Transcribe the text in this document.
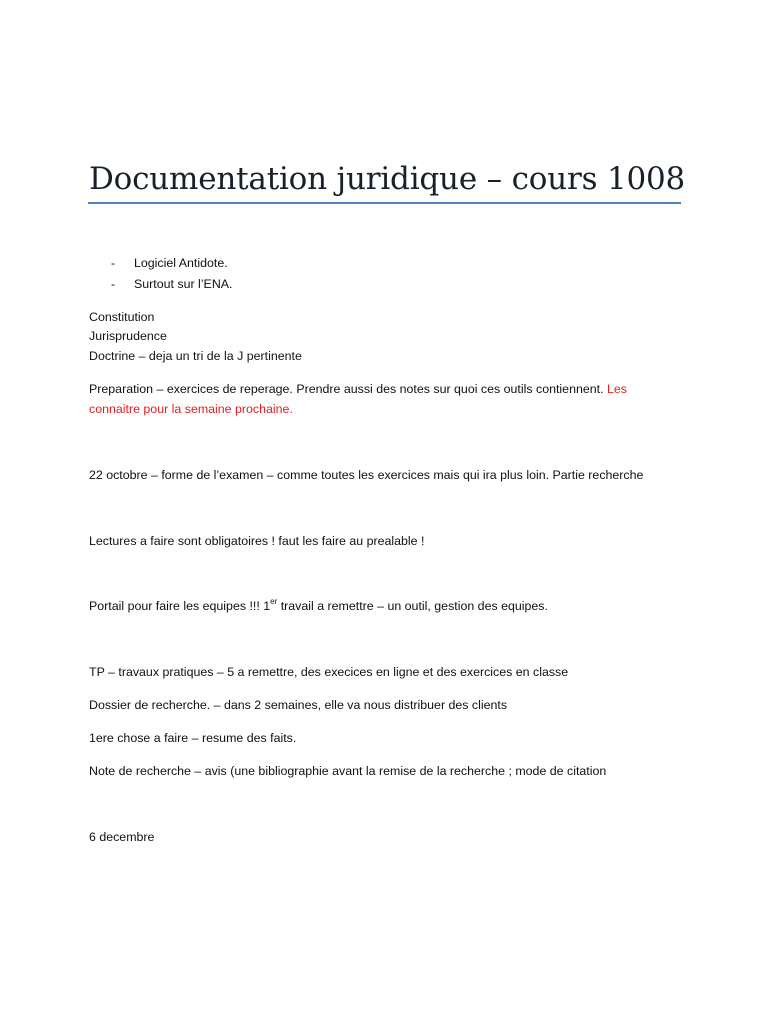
Documentation juridique – cours 1008
- Logiciel Antidote.
- Surtout sur l’ENA.
Constitution
Jurisprudence
Doctrine – deja un tri de la J pertinente
Preparation – exercices de reperage. Prendre aussi des notes sur quoi ces outils contiennent. Les
connaitre pour la semaine prochaine.
22 octobre – forme de l’examen – comme toutes les exercices mais qui ira plus loin. Partie recherche
Lectures a faire sont obligatoires ! faut les faire au prealable !
Portail pour faire les equipes !!! 1er travail a remettre – un outil, gestion des equipes.
TP – travaux pratiques – 5 a remettre, des execices en ligne et des exercices en classe
Dossier de recherche. – dans 2 semaines, elle va nous distribuer des clients
1ere chose a faire – resume des faits.
Note de recherche – avis (une bibliographie avant la remise de la recherche ; mode de citation
6 decembre
